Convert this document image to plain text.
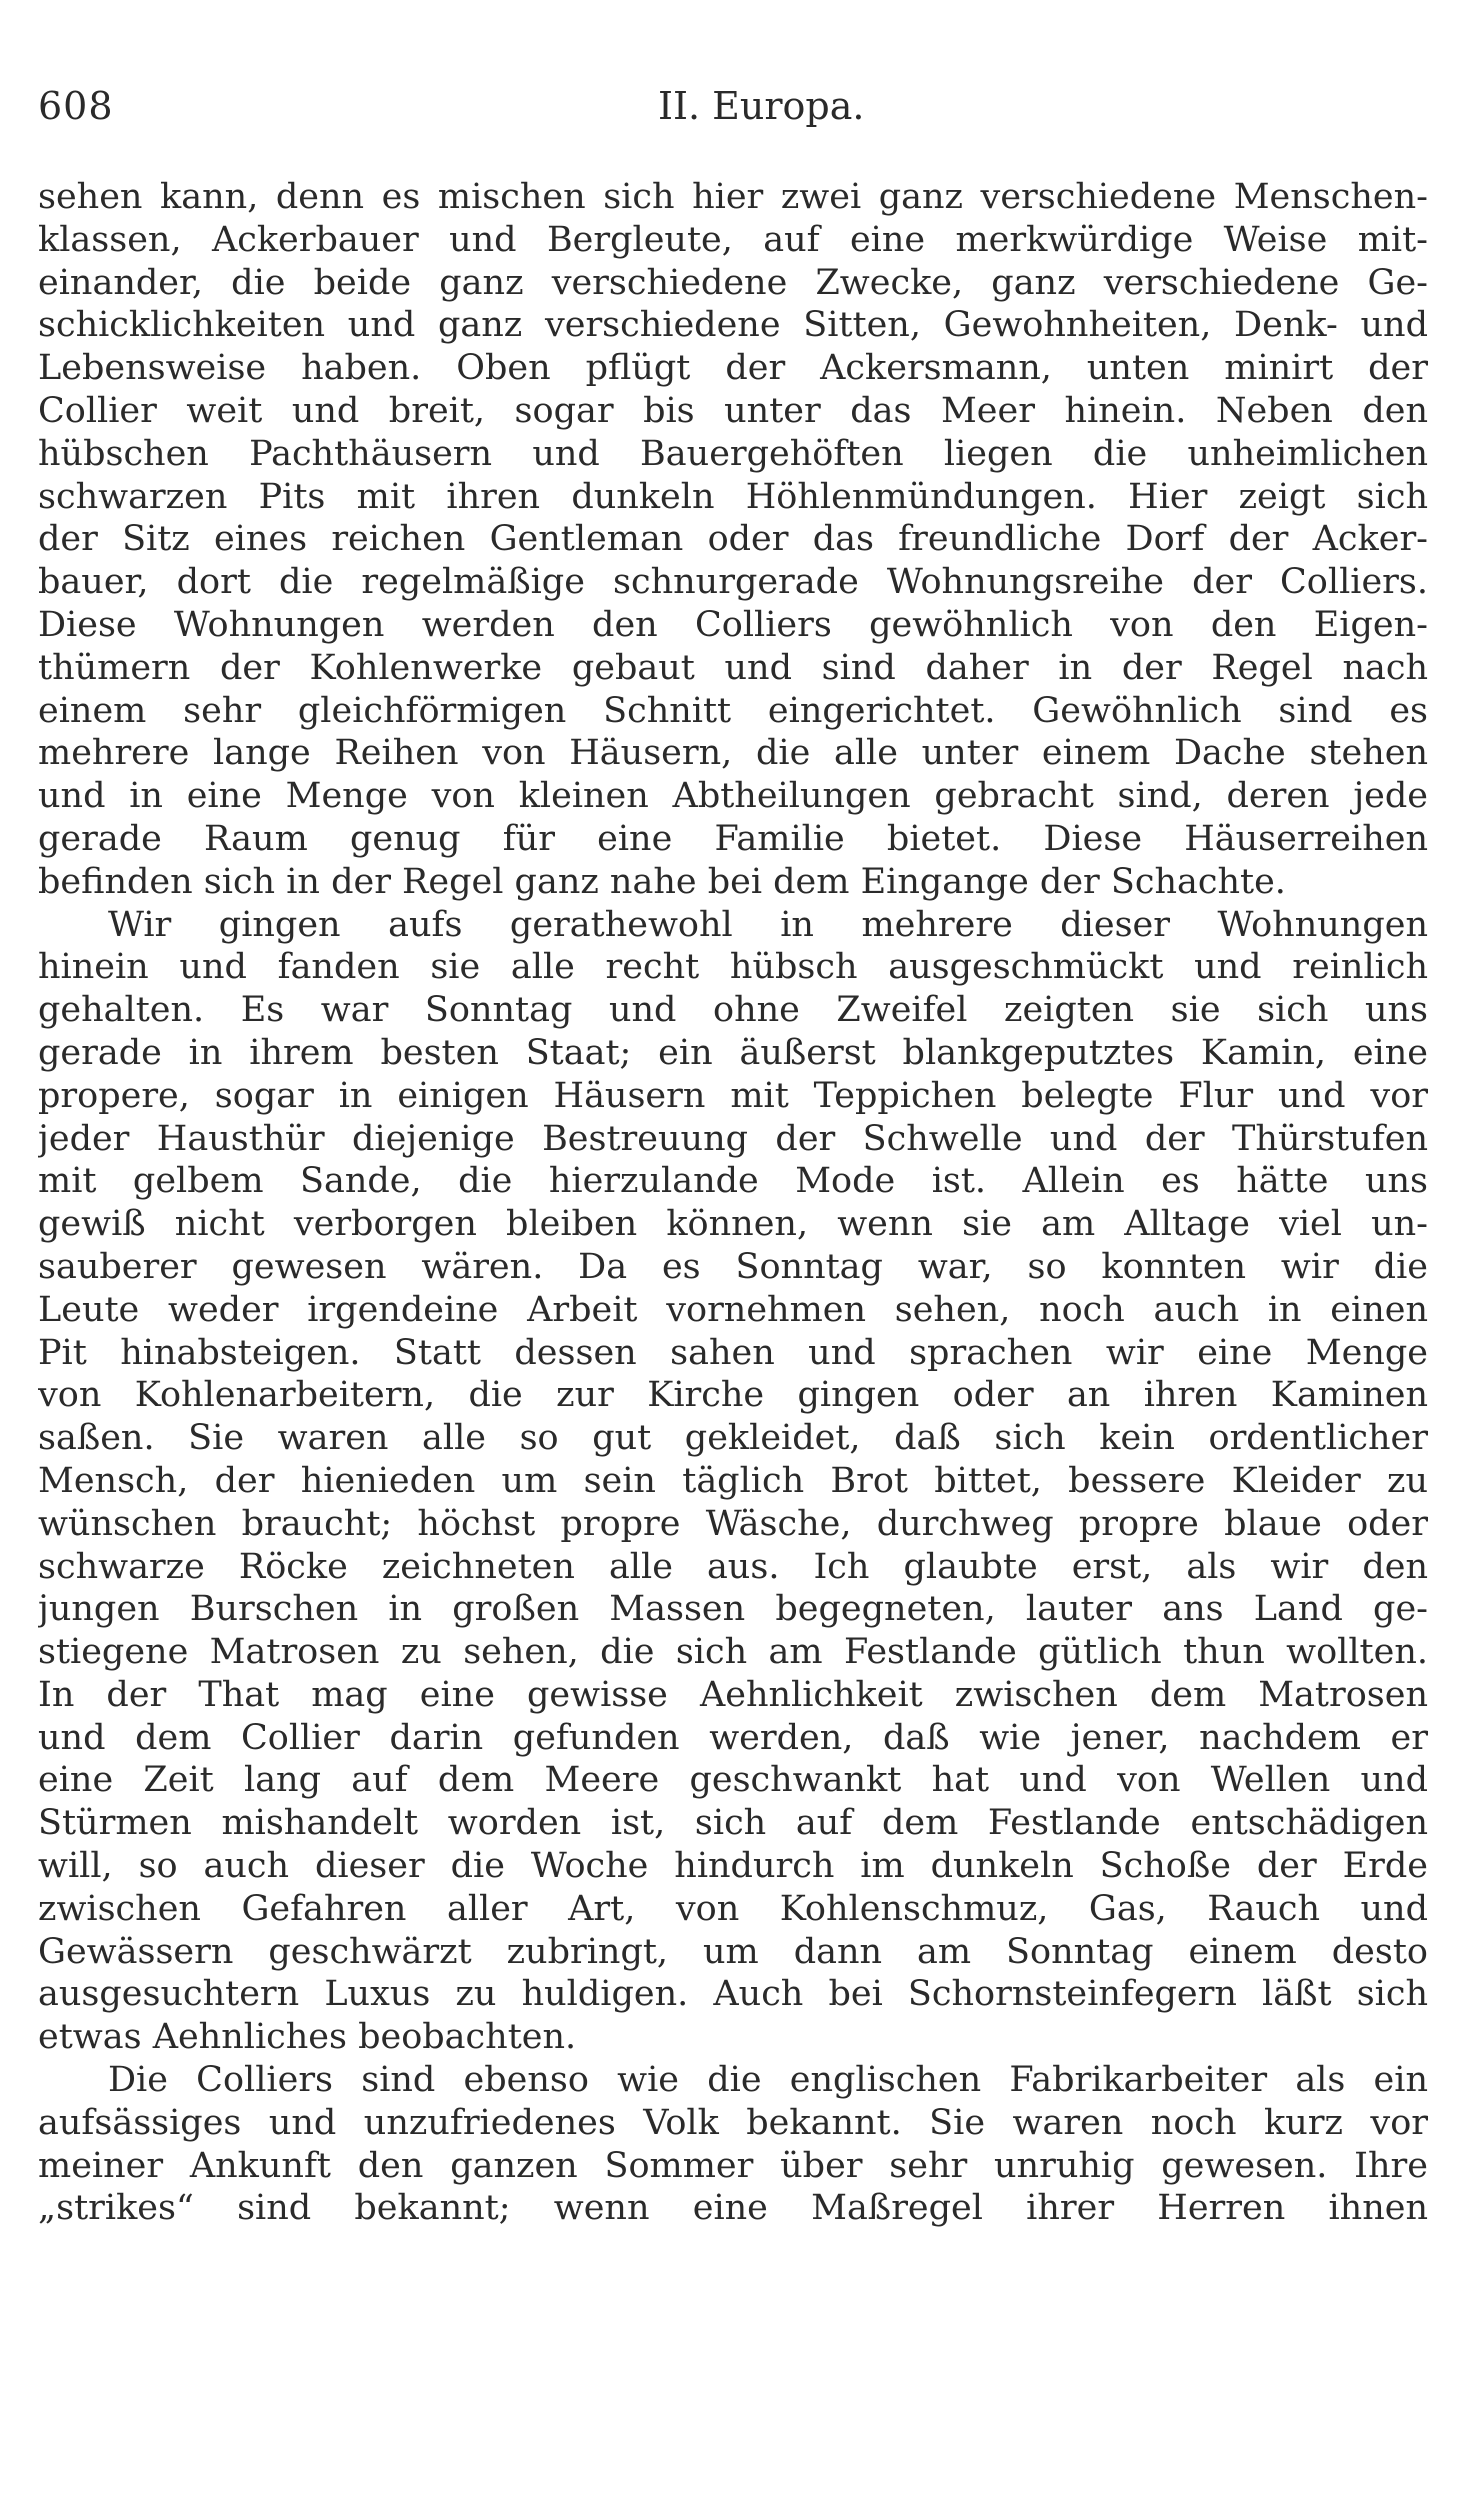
608	II. Europa.
sehen kann, denn es mischen sich hier zwei ganz verschiedene Menschen-
klassen, Ackerbauer und Bergleute, auf eine merkwürdige Weise mit-
einander, die beide ganz verschiedene Zwecke, ganz verschiedene Ge-
schicklichkeiten und ganz verschiedene Sitten, Gewohnheiten, Denk- und
Lebensweise haben. Oben pflügt der Ackersmann, unten minirt der
Collier weit und breit, sogar bis unter das Meer hinein. Neben den
hübschen Pachthäusern und Bauergehöften liegen die unheimlichen
schwarzen Pits mit ihren dunkeln Höhlenmündungen. Hier zeigt sich
der Sitz eines reichen Gentleman oder das freundliche Dorf der Acker-
bauer, dort die regelmäßige schnurgerade Wohnungsreihe der Colliers.
Diese Wohnungen werden den Colliers gewöhnlich von den Eigen-
thümern der Kohlenwerke gebaut und sind daher in der Regel nach
einem sehr gleichförmigen Schnitt eingerichtet. Gewöhnlich sind es
mehrere lange Reihen von Häusern, die alle unter einem Dache stehen
und in eine Menge von kleinen Abtheilungen gebracht sind, deren jede
gerade Raum genug für eine Familie bietet. Diese Häuserreihen
befinden sich in der Regel ganz nahe bei dem Eingange der Schachte.
Wir gingen aufs gerathewohl in mehrere dieser Wohnungen
hinein und fanden sie alle recht hübsch ausgeschmückt und reinlich
gehalten. Es war Sonntag und ohne Zweifel zeigten sie sich uns
gerade in ihrem besten Staat; ein äußerst blankgeputztes Kamin, eine
propere, sogar in einigen Häusern mit Teppichen belegte Flur und vor
jeder Hausthür diejenige Bestreuung der Schwelle und der Thürstufen
mit gelbem Sande, die hierzulande Mode ist. Allein es hätte uns
gewiß nicht verborgen bleiben können, wenn sie am Alltage viel un-
sauberer gewesen wären. Da es Sonntag war, so konnten wir die
Leute weder irgendeine Arbeit vornehmen sehen, noch auch in einen
Pit hinabsteigen. Statt dessen sahen und sprachen wir eine Menge
von Kohlenarbeitern, die zur Kirche gingen oder an ihren Kaminen
saßen. Sie waren alle so gut gekleidet, daß sich kein ordentlicher
Mensch, der hienieden um sein täglich Brot bittet, bessere Kleider zu
wünschen braucht; höchst propre Wäsche, durchweg propre blaue oder
schwarze Röcke zeichneten alle aus. Ich glaubte erst, als wir den
jungen Burschen in großen Massen begegneten, lauter ans Land ge-
stiegene Matrosen zu sehen, die sich am Festlande gütlich thun wollten.
In der That mag eine gewisse Aehnlichkeit zwischen dem Matrosen
und dem Collier darin gefunden werden, daß wie jener, nachdem er
eine Zeit lang auf dem Meere geschwankt hat und von Wellen und
Stürmen mishandelt worden ist, sich auf dem Festlande entschädigen
will, so auch dieser die Woche hindurch im dunkeln Schoße der Erde
zwischen Gefahren aller Art, von Kohlenschmuz, Gas, Rauch und
Gewässern geschwärzt zubringt, um dann am Sonntag einem desto
ausgesuchtern Luxus zu huldigen. Auch bei Schornsteinfegern läßt sich
etwas Aehnliches beobachten.
Die Colliers sind ebenso wie die englischen Fabrikarbeiter als ein
aufsässiges und unzufriedenes Volk bekannt. Sie waren noch kurz vor
meiner Ankunft den ganzen Sommer über sehr unruhig gewesen. Ihre
„strikes“ sind bekannt; wenn eine Maßregel ihrer Herren ihnen
